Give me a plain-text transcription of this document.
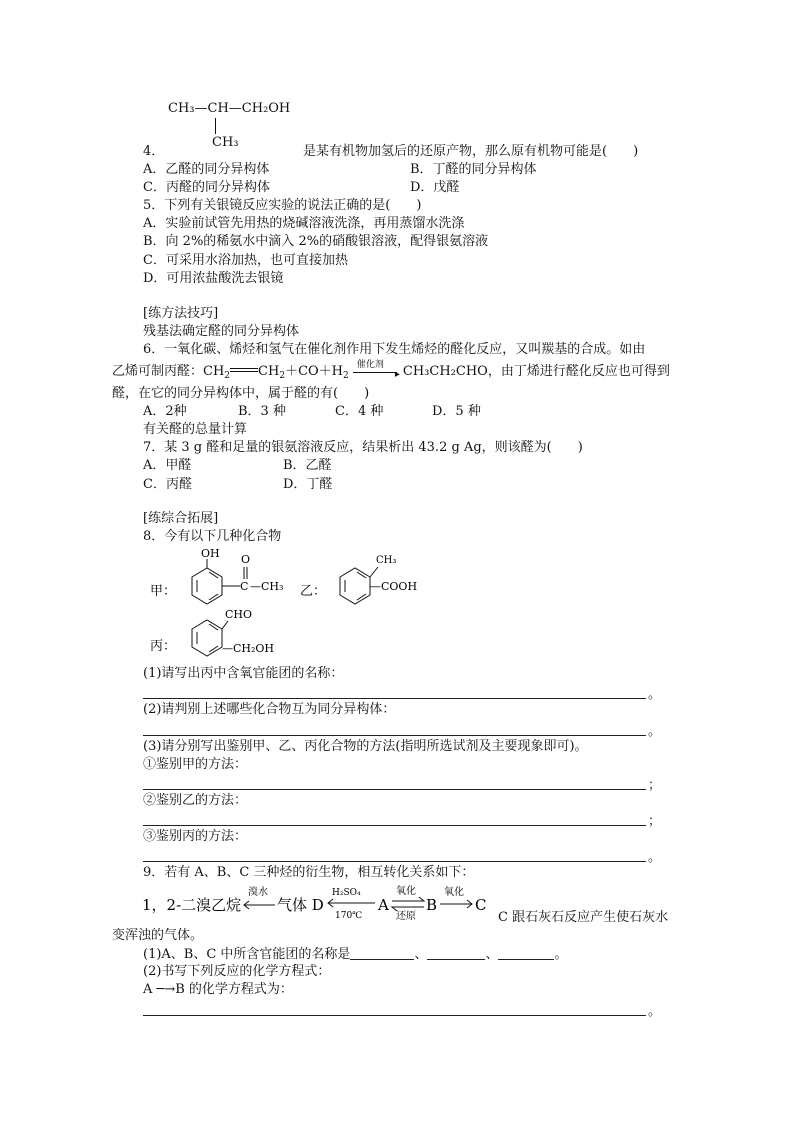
CH₃—CH—CH₂OH
CH₃
4．	是某有机物加氢后的还原产物，那么原有机物可能是(　　)
A．乙醛的同分异构体	B．丁醛的同分异构体
C．丙醛的同分异构体	D．戊醛
5．下列有关银镜反应实验的说法正确的是(　　)
A．实验前试管先用热的烧碱溶液洗涤，再用蒸馏水洗涤
B．向 2%的稀氨水中滴入 2%的硝酸银溶液，配得银氨溶液
C．可采用水浴加热，也可直接加热
D．可用浓盐酸洗去银镜
[练方法技巧]
残基法确定醛的同分异构体
6．一氧化碳、烯烃和氢气在催化剂作用下发生烯烃的醛化反应，又叫羰基的合成。如由
乙烯可制丙醛：$CH_2$ $CH_2+CO+H_2$
催化剂
▸ CH₃CH₂CHO，由丁烯进行醛化反应也可得到
醛，在它的同分异构体中，属于醛的有(　　)
A．2种	B．3 种	C．4 种	D．5 种
有关醛的总量计算
7．某 3 g 醛和足量的银氨溶液反应，结果析出 43.2 g Ag，则该醛为(　　)
A．甲醛	B．乙醛
C．丙醛	D．丁醛
[练综合拓展]
8．今有以下几种化合物
甲：
OH
C
O
—CH₃ 乙：
CH₃
—COOH
丙：
CHO
—CH₂OH
(1)请写出丙中含氧官能团的名称：
。
(2)请判别上述哪些化合物互为同分异构体：
。
(3)请分别写出鉴别甲、乙、丙化合物的方法(指明所选试剂及主要现象即可)。
①鉴别甲的方法：
；
②鉴别乙的方法：
；
③鉴别丙的方法：
。
9．若有 A、B、C 三种烃的衍生物，相互转化关系如下：
1，2-二溴乙烷
溴水
气体 D
H₂SO₄
170℃
A
氧化
还原
B
氧化
C
C 跟石灰石反应产生使石灰水
变浑浊的气体。
(1)A、B、C 中所含官能团的名称是	、	、	。
(2)书写下列反应的化学方程式：
A ─→B 的化学方程式为：
。
